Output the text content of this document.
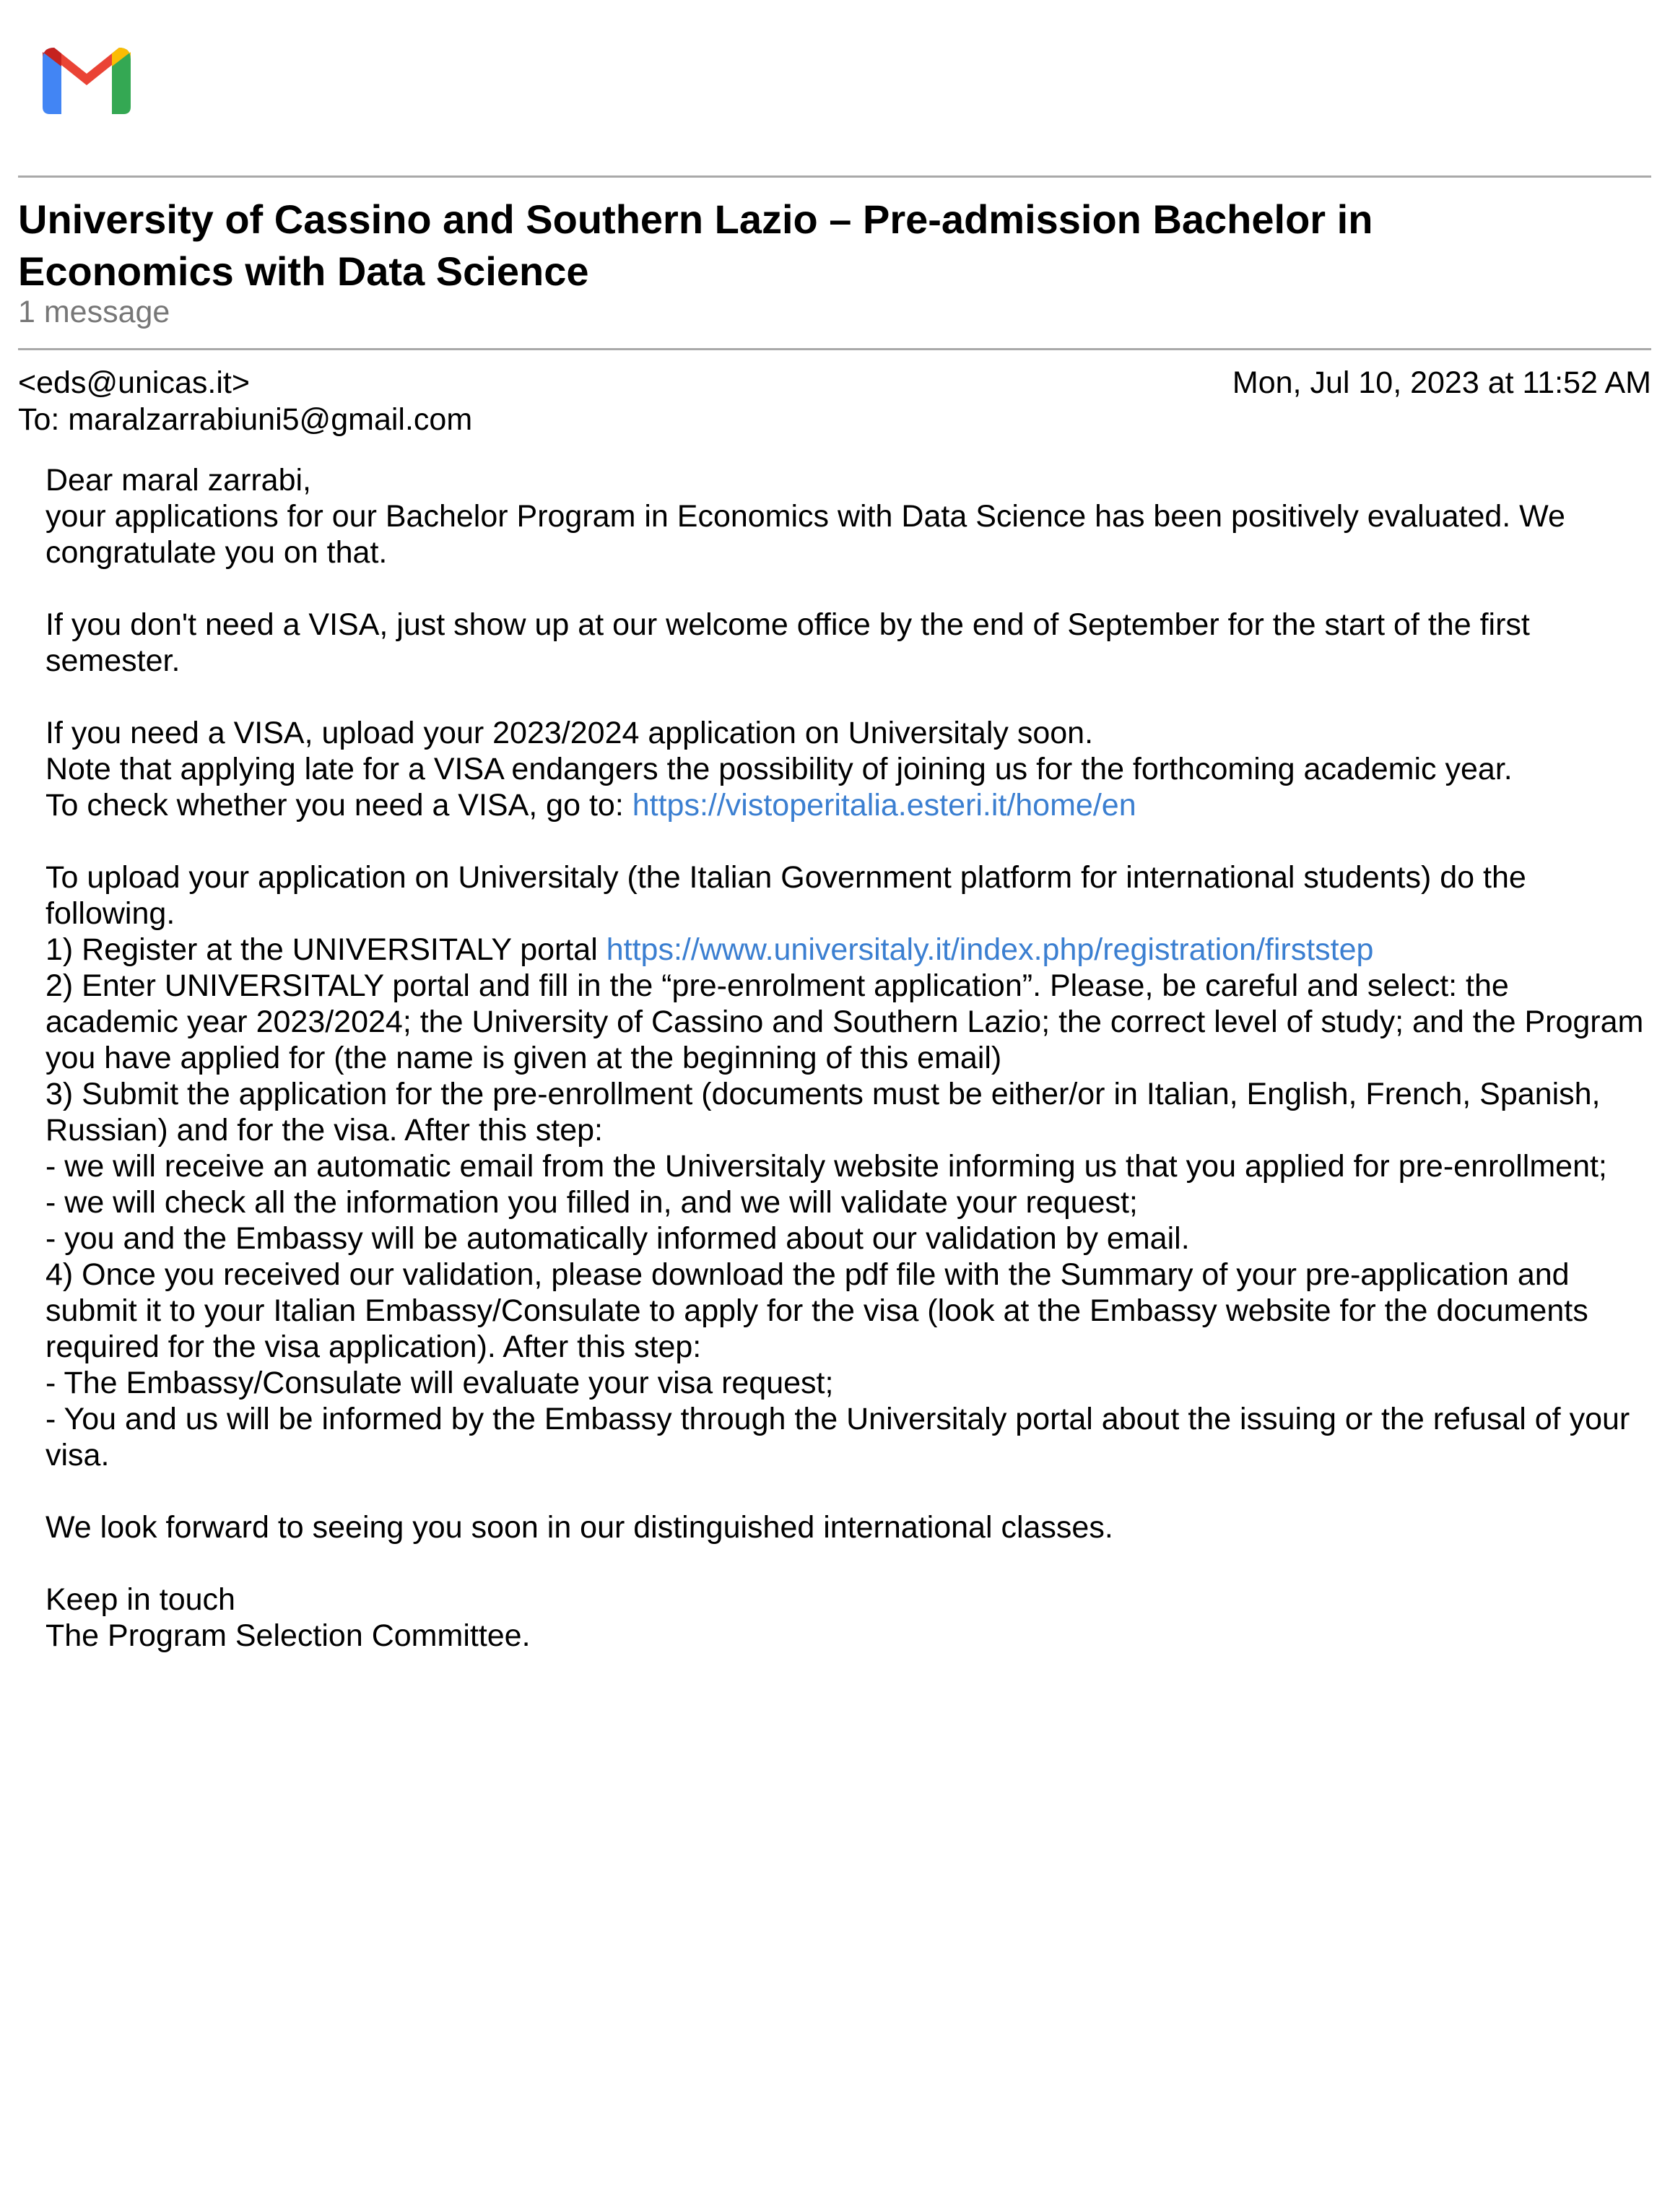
University of Cassino and Southern Lazio – Pre-admission Bachelor in Economics with Data Science
1 message
<eds@unicas.it>	Mon, Jul 10, 2023 at 11:52 AM
To: maralzarrabiuni5@gmail.com

Dear maral zarrabi,
your applications for our Bachelor Program in Economics with Data Science has been positively evaluated. We congratulate you on that.

If you don't need a VISA, just show up at our welcome office by the end of September for the start of the first semester.

If you need a VISA, upload your 2023/2024 application on Universitaly soon.
Note that applying late for a VISA endangers the possibility of joining us for the forthcoming academic year.
To check whether you need a VISA, go to: https://vistoperitalia.esteri.it/home/en

To upload your application on Universitaly (the Italian Government platform for international students) do the following.
1) Register at the UNIVERSITALY portal https://www.universitaly.it/index.php/registration/firststep
2) Enter UNIVERSITALY portal and fill in the “pre-enrolment application”. Please, be careful and select: the academic year 2023/2024; the University of Cassino and Southern Lazio; the correct level of study; and the Program you have applied for (the name is given at the beginning of this email)
3) Submit the application for the pre-enrollment (documents must be either/or in Italian, English, French, Spanish, Russian) and for the visa. After this step:
- we will receive an automatic email from the Universitaly website informing us that you applied for pre-enrollment;
- we will check all the information you filled in, and we will validate your request;
- you and the Embassy will be automatically informed about our validation by email.
4) Once you received our validation, please download the pdf file with the Summary of your pre-application and submit it to your Italian Embassy/Consulate to apply for the visa (look at the Embassy website for the documents required for the visa application). After this step:
- The Embassy/Consulate will evaluate your visa request;
- You and us will be informed by the Embassy through the Universitaly portal about the issuing or the refusal of your visa.

We look forward to seeing you soon in our distinguished international classes.

Keep in touch
The Program Selection Committee.
